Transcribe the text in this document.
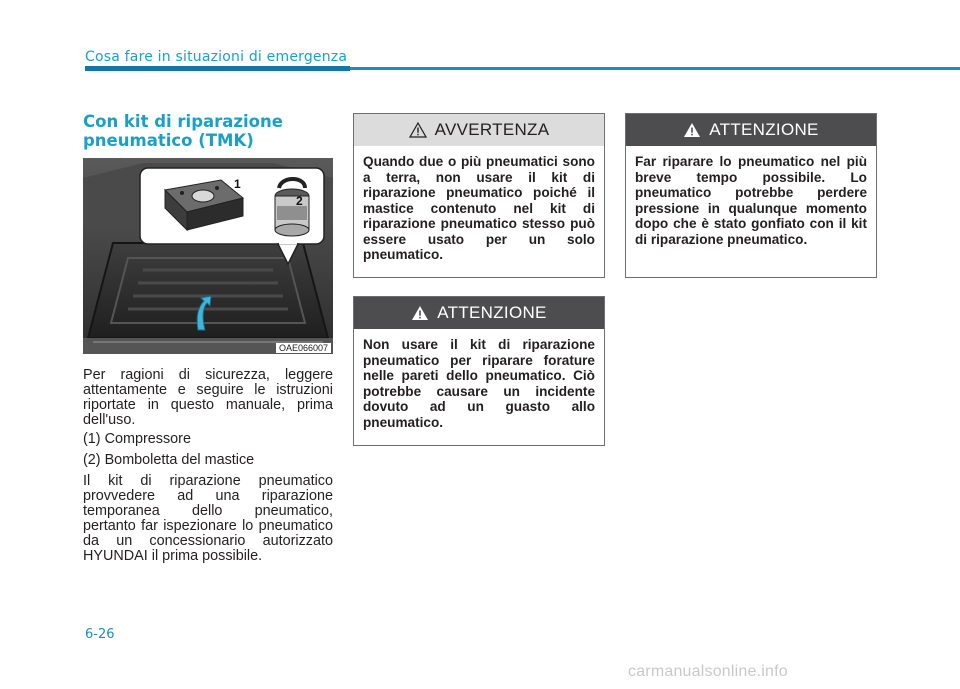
Cosa fare in situazioni di emergenza
Con kit di riparazione pneumatico (TMK)
1
2
OAE066007

Per ragioni di sicurezza, leggere attentamente e seguire le istruzioni riportate in questo manuale, prima dell'uso.

(1) Compressore

(2) Bomboletta del mastice

Il kit di riparazione pneumatico provvedere ad una riparazione temporanea dello pneumatico, pertanto far ispezionare lo pneumatico da un concessionario autorizzato HYUNDAI il prima possibile.

AVVERTENZA
Quando due o più pneumatici sono a terra, non usare il kit di riparazione pneumatico poiché il mastice contenuto nel kit di riparazione pneumatico stesso può essere usato per un solo pneumatico.
ATTENZIONE
Non usare il kit di riparazione pneumatico per riparare forature nelle pareti dello pneumatico. Ciò potrebbe causare un incidente dovuto ad un guasto allo pneumatico.
ATTENZIONE
Far riparare lo pneumatico nel più breve tempo possibile. Lo pneumatico potrebbe perdere pressione in qualunque momento dopo che è stato gonfiato con il kit di riparazione pneumatico.
6-26
carmanualsonline.info
